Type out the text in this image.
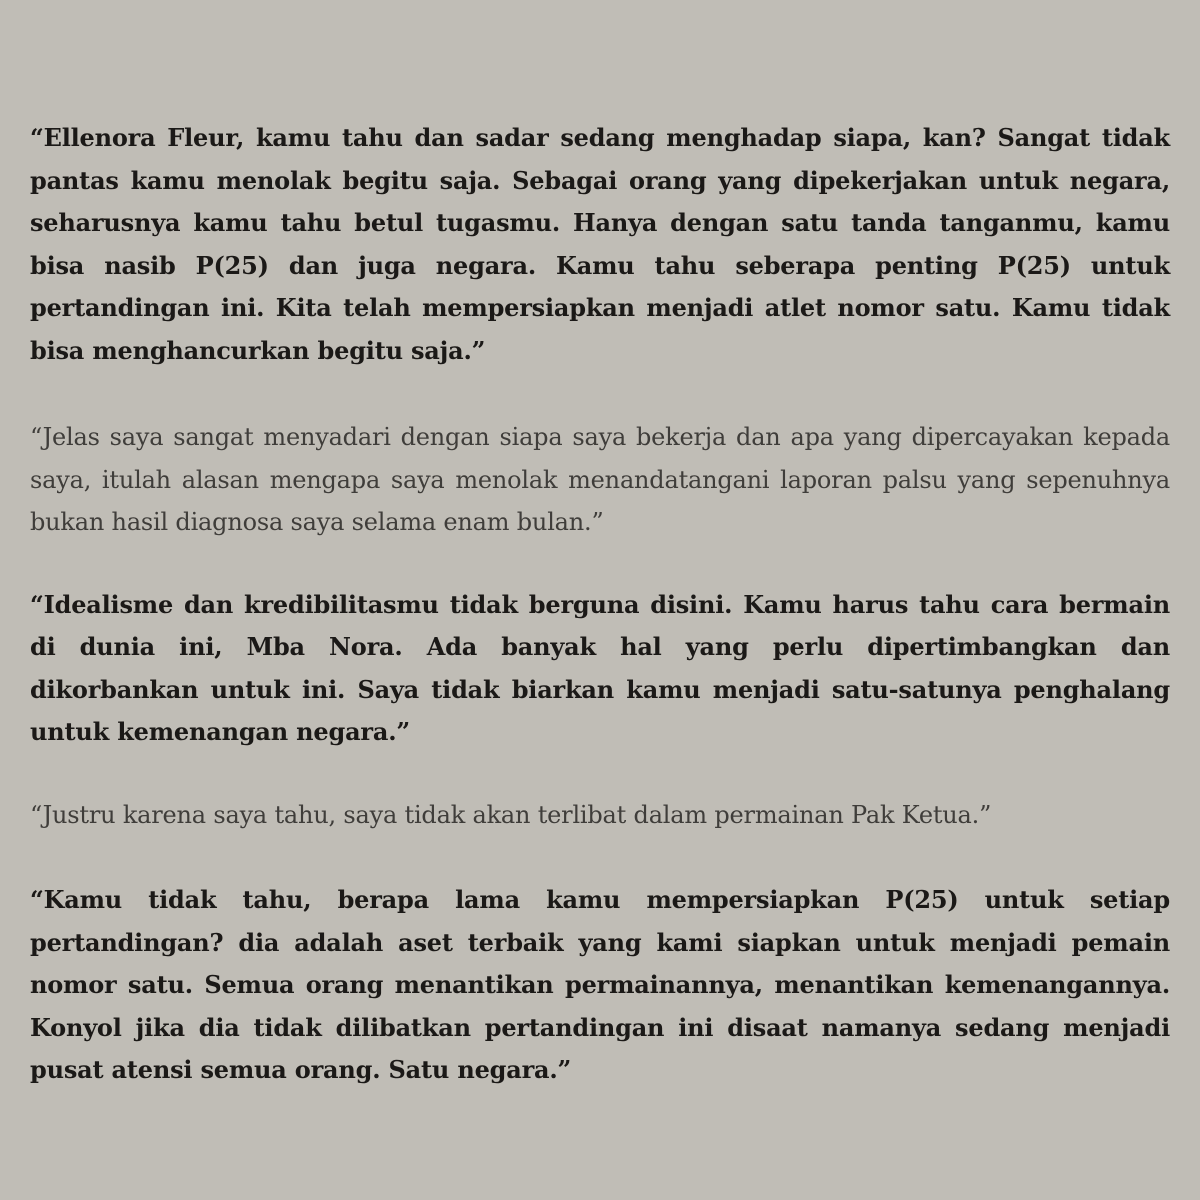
“Ellenora Fleur, kamu tahu dan sadar sedang menghadap siapa, kan? Sangat tidak pantas kamu menolak begitu saja. Sebagai orang yang dipekerjakan untuk negara, seharusnya kamu tahu betul tugasmu. Hanya dengan satu tanda tanganmu, kamu bisa nasib P(25) dan juga negara. Kamu tahu seberapa penting P(25) untuk pertandingan ini. Kita telah mempersiapkan menjadi atlet nomor satu. Kamu tidak bisa menghancurkan begitu saja.”

“Jelas saya sangat menyadari dengan siapa saya bekerja dan apa yang dipercayakan kepada saya, itulah alasan mengapa saya menolak menandatangani laporan palsu yang sepenuhnya bukan hasil diagnosa saya selama enam bulan.”

“Idealisme dan kredibilitasmu tidak berguna disini. Kamu harus tahu cara bermain di dunia ini, Mba Nora. Ada banyak hal yang perlu dipertimbangkan dan dikorbankan untuk ini. Saya tidak biarkan kamu menjadi satu-satunya penghalang untuk kemenangan negara.”

“Justru karena saya tahu, saya tidak akan terlibat dalam permainan Pak Ketua.”

“Kamu tidak tahu, berapa lama kamu mempersiapkan P(25) untuk setiap pertandingan? dia adalah aset terbaik yang kami siapkan untuk menjadi pemain nomor satu. Semua orang menantikan permainannya, menantikan kemenangannya. Konyol jika dia tidak dilibatkan pertandingan ini disaat namanya sedang menjadi pusat atensi semua orang. Satu negara.”
